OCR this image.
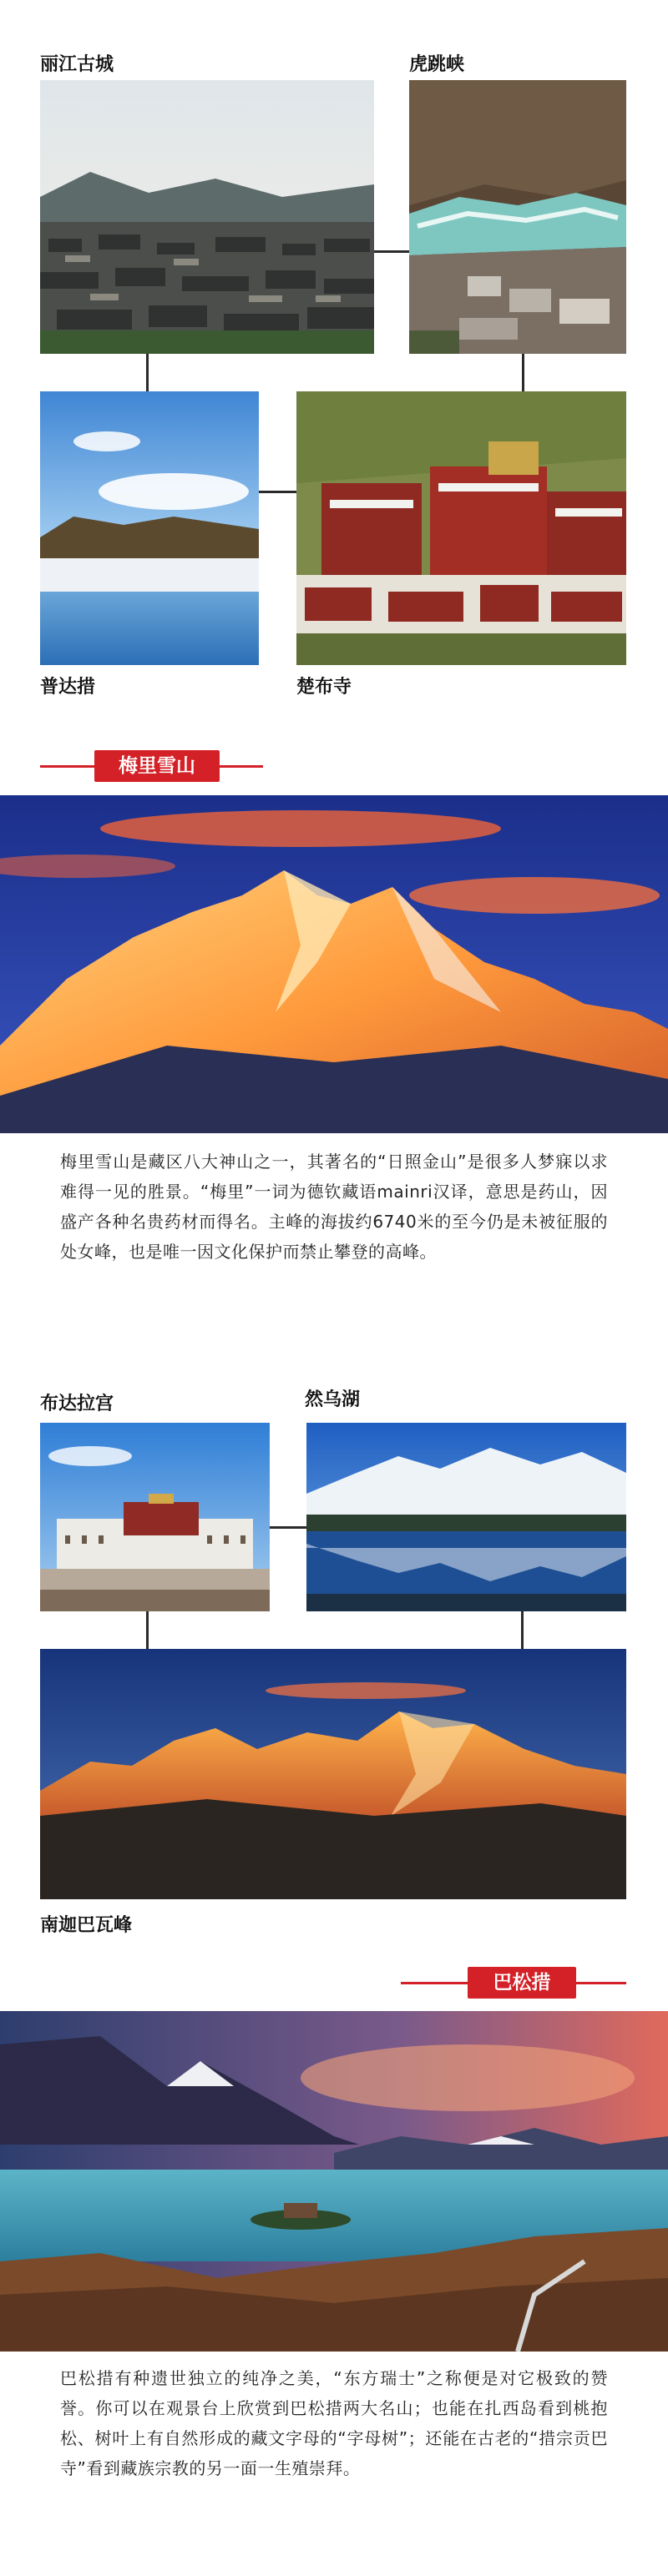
丽江古城	虎跳峡
普达措	楚布寺
梅里雪山
梅里雪山是藏区八大神山之一，其著名的“日照金山”是很多人梦寐以求难得一见的胜景。“梅里”一词为德钦藏语mainri汉译，意思是药山，因盛产各种名贵药材而得名。主峰的海拔约6740米的至今仍是未被征服的处女峰，也是唯一因文化保护而禁止攀登的高峰。
布达拉宫	然乌湖
南迦巴瓦峰
巴松措
巴松措有种遗世独立的纯净之美，“东方瑞士”之称便是对它极致的赞誉。你可以在观景台上欣赏到巴松措两大名山；也能在扎西岛看到桃抱松、树叶上有自然形成的藏文字母的“字母树”；还能在古老的“措宗贡巴寺”看到藏族宗教的另一面一生殖崇拜。
